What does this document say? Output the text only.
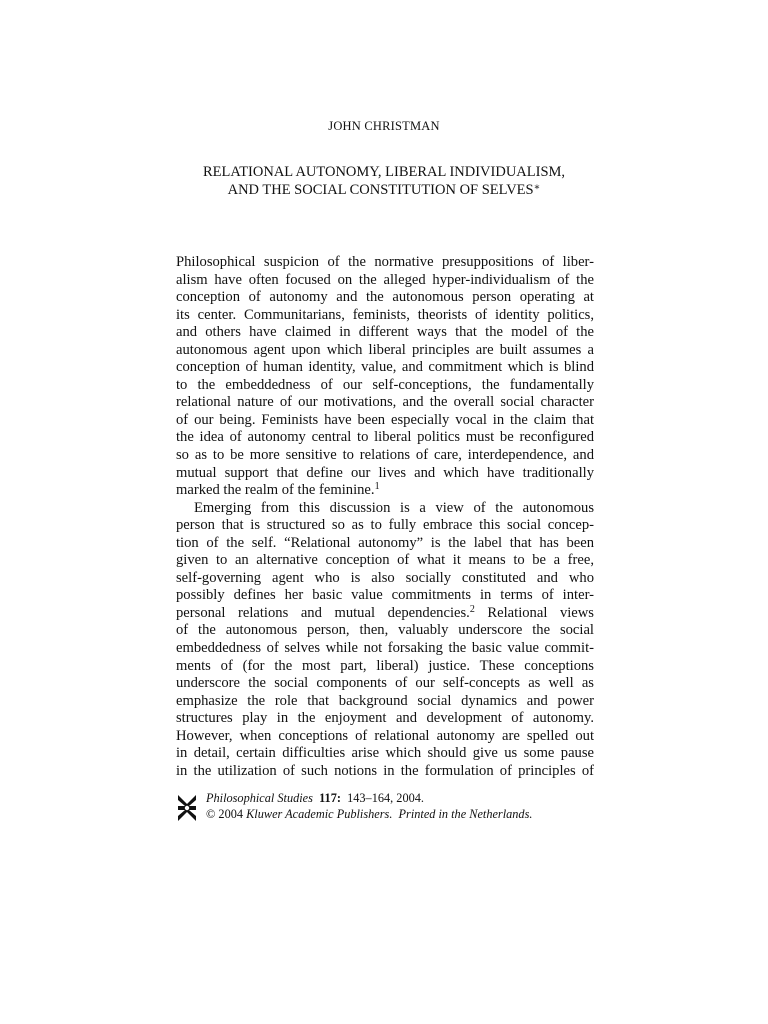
JOHN CHRISTMAN
RELATIONAL AUTONOMY, LIBERAL INDIVIDUALISM,
AND THE SOCIAL CONSTITUTION OF SELVES∗

Philosophical suspicion of the normative presuppositions of liber-

alism have often focused on the alleged hyper-individualism of the

conception of autonomy and the autonomous person operating at

its center. Communitarians, feminists, theorists of identity politics,

and others have claimed in different ways that the model of the

autonomous agent upon which liberal principles are built assumes a

conception of human identity, value, and commitment which is blind

to the embeddedness of our self-conceptions, the fundamentally

relational nature of our motivations, and the overall social character

of our being. Feminists have been especially vocal in the claim that

the idea of autonomy central to liberal politics must be reconfigured

so as to be more sensitive to relations of care, interdependence, and

mutual support that define our lives and which have traditionally

marked the realm of the feminine.$^1$

Emerging from this discussion is a view of the autonomous

person that is structured so as to fully embrace this social concep-

tion of the self. “Relational autonomy” is the label that has been

given to an alternative conception of what it means to be a free,

self-governing agent who is also socially constituted and who

possibly defines her basic value commitments in terms of inter-

personal relations and mutual dependencies.$^2$ Relational views

of the autonomous person, then, valuably underscore the social

embeddedness of selves while not forsaking the basic value commit-

ments of (for the most part, liberal) justice. These conceptions

underscore the social components of our self-concepts as well as

emphasize the role that background social dynamics and power

structures play in the enjoyment and development of autonomy.

However, when conceptions of relational autonomy are spelled out

in detail, certain difficulties arise which should give us some pause

in the utilization of such notions in the formulation of principles of

Philosophical Studies 117: 143–164, 2004.
© 2004 Kluwer Academic Publishers. Printed in the Netherlands.
